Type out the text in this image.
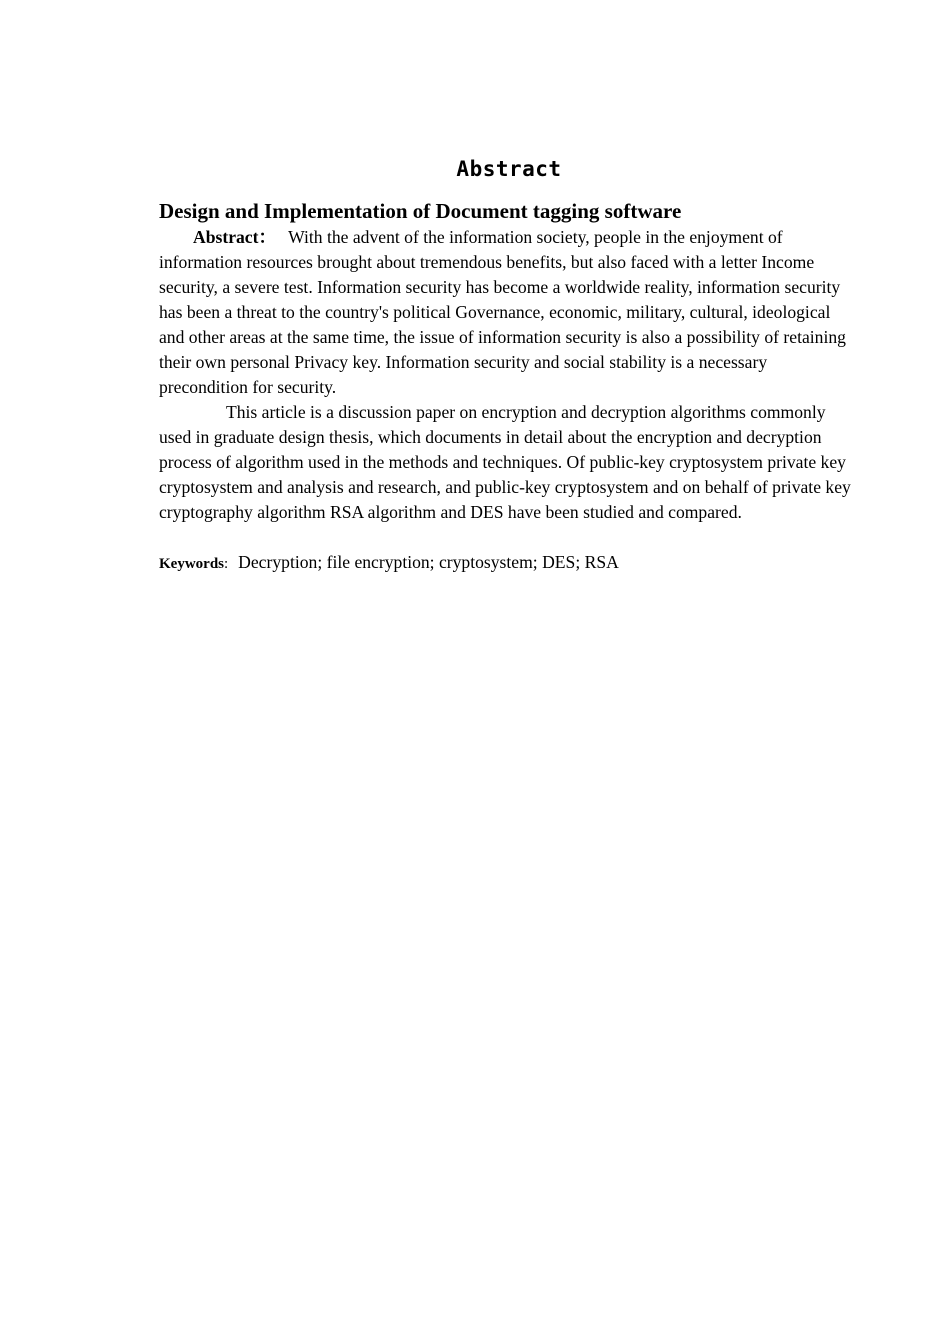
Abstract

Design and Implementation of Document tagging software

Abstract： With the advent of the information society, people in the enjoyment of information resources brought about tremendous benefits, but also faced with a letter Income security, a severe test. Information security has become a worldwide reality, information security has been a threat to the country's political Governance, economic, military, cultural, ideological and other areas at the same time, the issue of information security is also a possibility of retaining their own personal Privacy key. Information security and social stability is a necessary precondition for security.

This article is a discussion paper on encryption and decryption algorithms commonly used in graduate design thesis, which documents in detail about the encryption and decryption process of algorithm used in the methods and techniques. Of public-key cryptosystem private key cryptosystem and analysis and research, and public-key cryptosystem and on behalf of private key cryptography algorithm RSA algorithm and DES have been studied and compared.

Keywords: Decryption; file encryption; cryptosystem; DES; RSA
